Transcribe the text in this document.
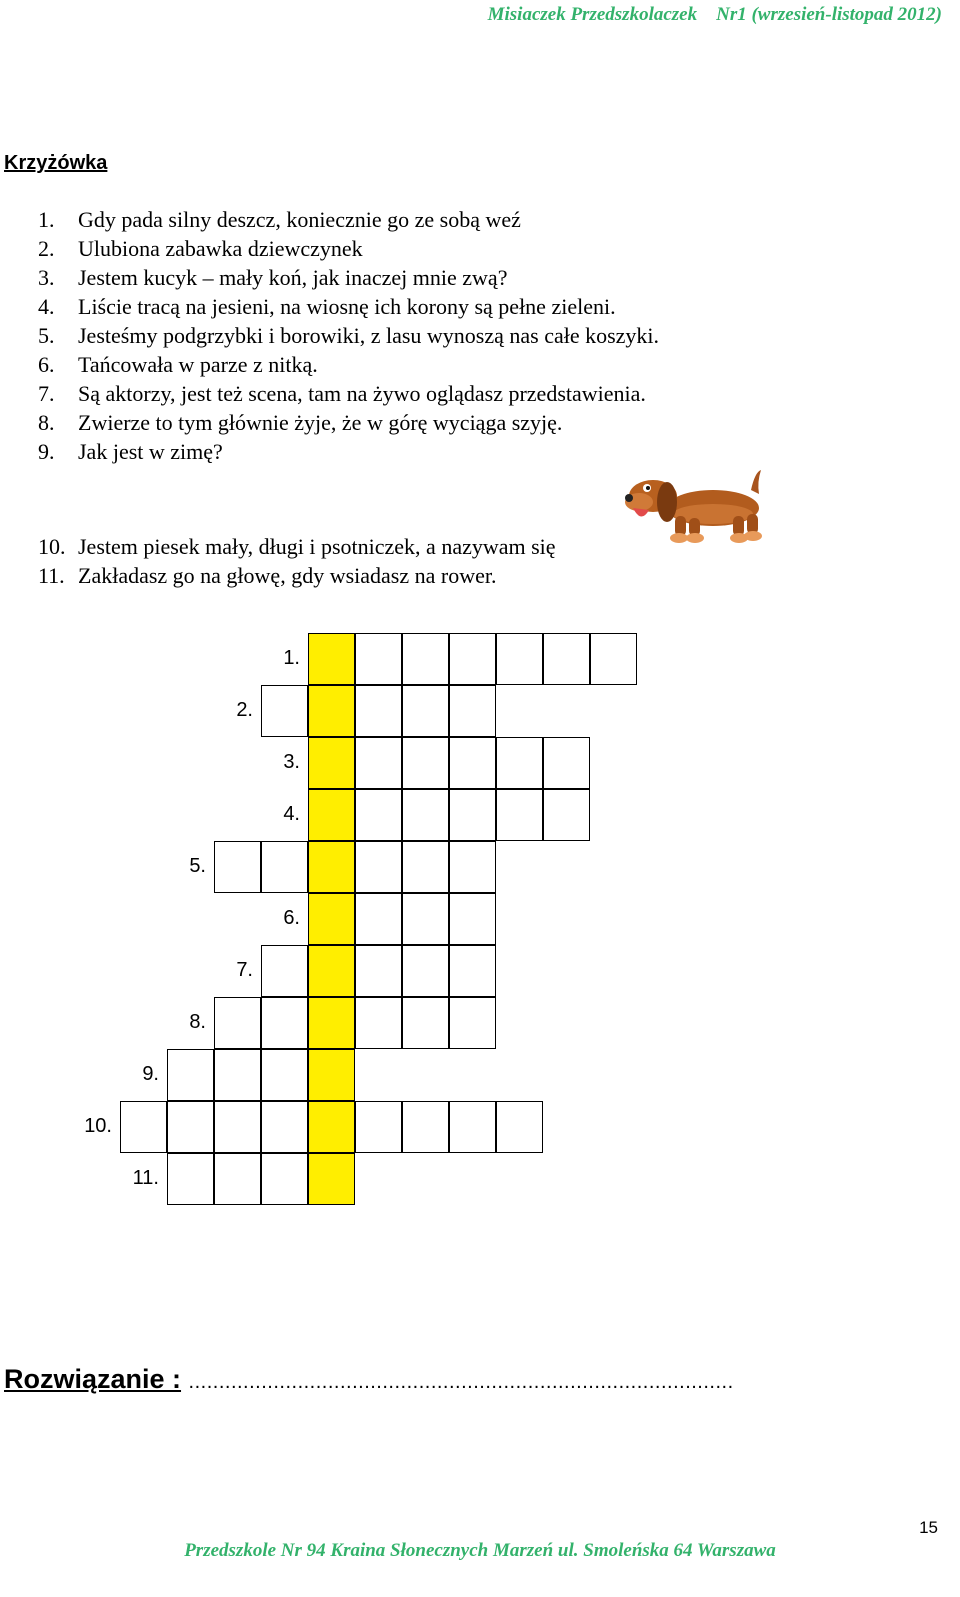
Misiaczek Przedszkolaczek    Nr1 (wrzesień-listopad 2012)
Krzyżówka
1. Gdy pada silny deszcz, koniecznie go ze sobą weź
2. Ulubiona zabawka dziewczynek
3. Jestem kucyk – mały koń, jak inaczej mnie zwą?
4. Liście tracą na jesieni, na wiosnę ich korony są pełne zieleni.
5. Jesteśmy podgrzybki i borowiki, z lasu wynoszą nas całe koszyki.
6. Tańcowała w parze z nitką.
7. Są aktorzy, jest też scena, tam na żywo oglądasz przedstawienia.
8. Zwierze to tym głównie żyje, że w górę wyciąga szyję.
9. Jak jest w zimę?
10. Jestem piesek mały, długi i psotniczek, a nazywam się
11. Zakładasz go na głowę, gdy wsiadasz na rower.
1.
2.
3.
4.
5.
6.
7.
8.
9.
10.
11.
Rozwiązanie : ..........................................................................................
15
Przedszkole Nr 94 Kraina Słonecznych Marzeń ul. Smoleńska 64 Warszawa
